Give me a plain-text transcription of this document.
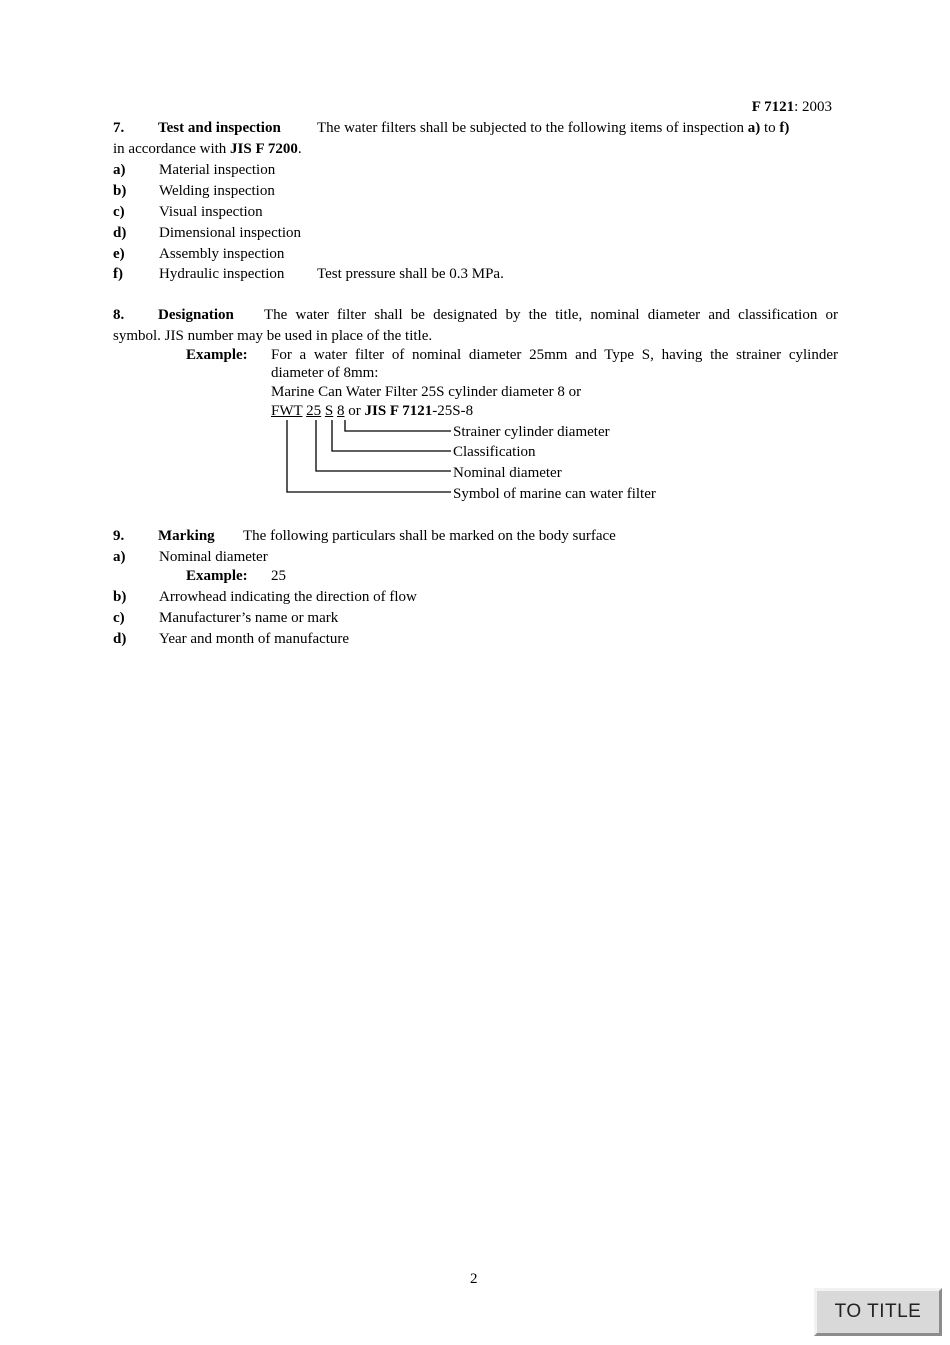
F 7121: 2003
7. Test and inspection The water filters shall be subjected to the following items of inspection a) to f)
in accordance with JIS F 7200.
a) Material inspection
b) Welding inspection
c) Visual inspection
d) Dimensional inspection
e) Assembly inspection
f) Hydraulic inspection Test pressure shall be 0.3 MPa.
8. Designation The water filter shall be designated by the title, nominal diameter and classification or
symbol. JIS number may be used in place of the title.
Example: For a water filter of nominal diameter 25mm and Type S, having the strainer cylinder
diameter of 8mm:
Marine Can Water Filter 25S cylinder diameter 8 or
FWT 25 S 8 or JIS F 7121-25S-8
Strainer cylinder diameter
Classification
Nominal diameter
Symbol of marine can water filter
9. Marking The following particulars shall be marked on the body surface
a) Nominal diameter
Example: 25
b) Arrowhead indicating the direction of flow
c) Manufacturer’s name or mark
d) Year and month of manufacture
2
TO TITLE
